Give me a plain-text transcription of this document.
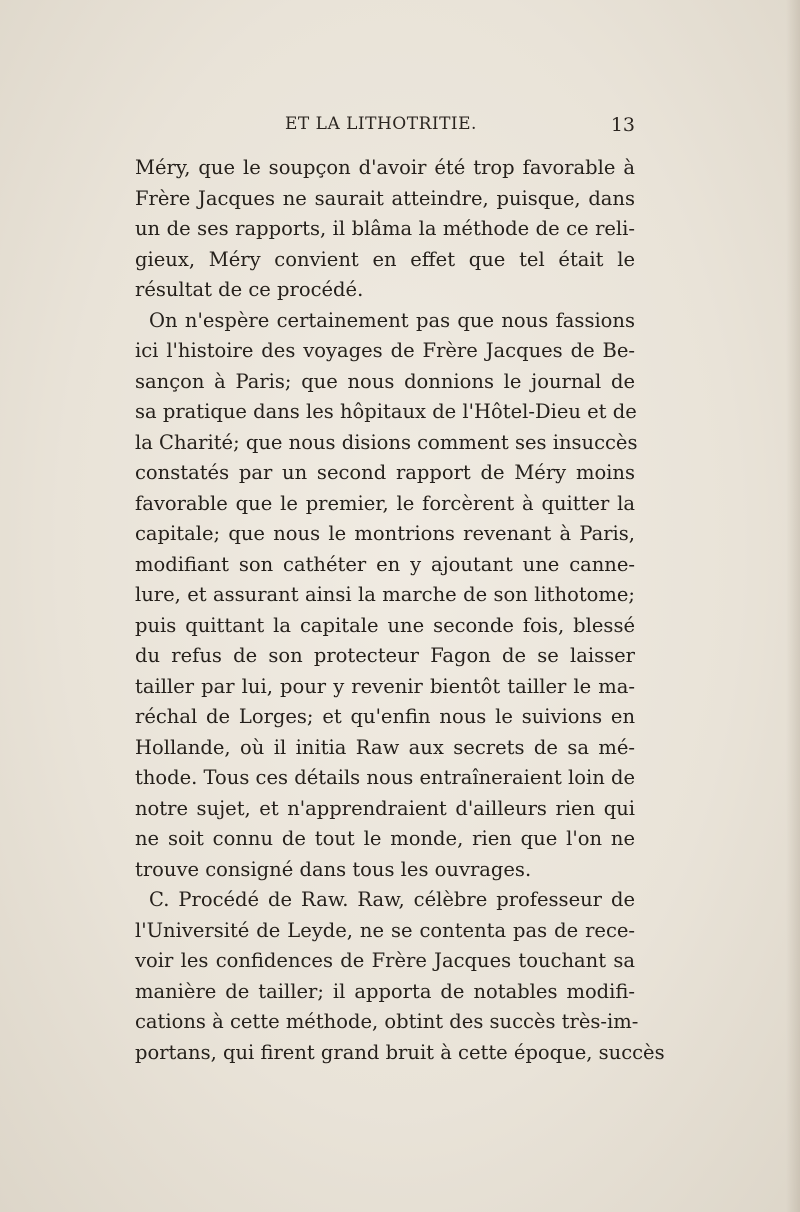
ET LA LITHOTRITIE.	13
Méry, que le soupçon d'avoir été trop favorable à
Frère Jacques ne saurait atteindre, puisque, dans
un de ses rapports, il blâma la méthode de ce reli-
gieux, Méry convient en effet que tel était le
résultat de ce procédé.
On n'espère certainement pas que nous fassions
ici l'histoire des voyages de Frère Jacques de Be-
sançon à Paris; que nous donnions le journal de
sa pratique dans les hôpitaux de l'Hôtel-Dieu et de
la Charité; que nous disions comment ses insuccès
constatés par un second rapport de Méry moins
favorable que le premier, le forcèrent à quitter la
capitale; que nous le montrions revenant à Paris,
modifiant son cathéter en y ajoutant une canne-
lure, et assurant ainsi la marche de son lithotome;
puis quittant la capitale une seconde fois, blessé
du refus de son protecteur Fagon de se laisser
tailler par lui, pour y revenir bientôt tailler le ma-
réchal de Lorges; et qu'enfin nous le suivions en
Hollande, où il initia Raw aux secrets de sa mé-
thode. Tous ces détails nous entraîneraient loin de
notre sujet, et n'apprendraient d'ailleurs rien qui
ne soit connu de tout le monde, rien que l'on ne
trouve consigné dans tous les ouvrages.
C. Procédé de Raw. Raw, célèbre professeur de
l'Université de Leyde, ne se contenta pas de rece-
voir les confidences de Frère Jacques touchant sa
manière de tailler; il apporta de notables modifi-
cations à cette méthode, obtint des succès très-im-
portans, qui firent grand bruit à cette époque, succès
